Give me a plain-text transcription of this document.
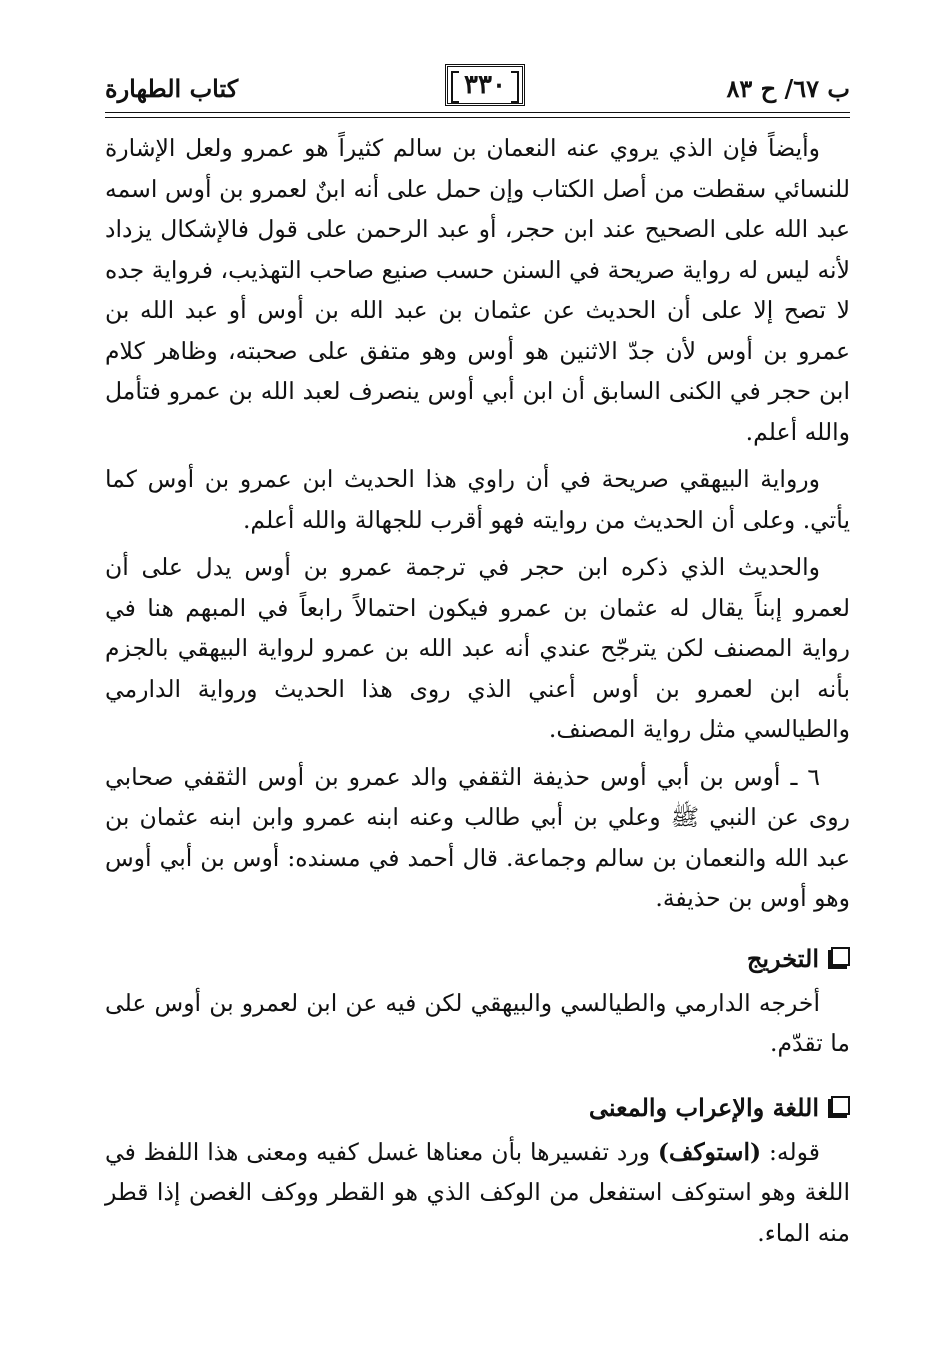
ب ٦٧/ ح ٨٣
٣٣٠
كتاب الطهارة

وأيضاً فإن الذي يروي عنه النعمان بن سالم كثيراً هو عمرو ولعل الإشارة للنسائي سقطت من أصل الكتاب وإن حمل على أنه ابنٌ لعمرو بن أوس اسمه عبد الله على الصحيح عند ابن حجر، أو عبد الرحمن على قول فالإشكال يزداد لأنه ليس له رواية صريحة في السنن حسب صنيع صاحب التهذيب، فرواية جده لا تصح إلا على أن الحديث عن عثمان بن عبد الله بن أوس أو عبد الله بن عمرو بن أوس لأن جدّ الاثنين هو أوس وهو متفق على صحبته، وظاهر كلام ابن حجر في الكنى السابق أن ابن أبي أوس ينصرف لعبد الله بن عمرو فتأمل والله أعلم.

ورواية البيهقي صريحة في أن راوي هذا الحديث ابن عمرو بن أوس كما يأتي. وعلى أن الحديث من روايته فهو أقرب للجهالة والله أعلم.

والحديث الذي ذكره ابن حجر في ترجمة عمرو بن أوس يدل على أن لعمرو إبناً يقال له عثمان بن عمرو فيكون احتمالاً رابعاً في المبهم هنا في رواية المصنف لكن يترجّح عندي أنه عبد الله بن عمرو لرواية البيهقي بالجزم بأنه ابن لعمرو بن أوس أعني الذي روى هذا الحديث ورواية الدارمي والطيالسي مثل رواية المصنف.

٦ ـ أوس بن أبي أوس حذيفة الثقفي والد عمرو بن أوس الثقفي صحابي روى عن النبي ﷺ وعلي بن أبي طالب وعنه ابنه عمرو وابن ابنه عثمان بن عبد الله والنعمان بن سالم وجماعة. قال أحمد في مسنده: أوس بن أبي أوس وهو أوس بن حذيفة.

التخريج

أخرجه الدارمي والطيالسي والبيهقي لكن فيه عن ابن لعمرو بن أوس على ما تقدّم.

اللغة والإعراب والمعنى

قوله: (استوكف) ورد تفسيرها بأن معناها غسل كفيه ومعنى هذا اللفظ في اللغة وهو استوكف استفعل من الوكف الذي هو القطر ووكف الغصن إذا قطر منه الماء.
